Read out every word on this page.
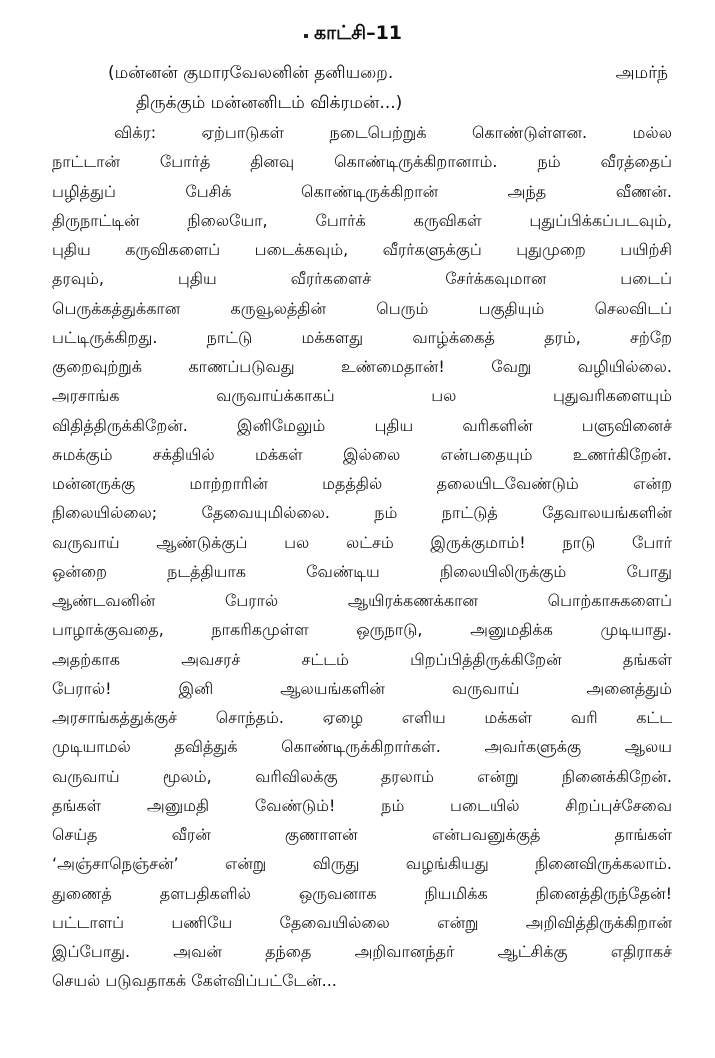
காட்சி–11
(மன்னன் குமாரவேலனின் தனியறை.	அமர்ந்
திருக்கும் மன்னனிடம் விக்ரமன்...)
விக்ர: ஏற்பாடுகள் நடைபெற்றுக் கொண்டுள்ளன. மல்ல
நாட்டான் போர்த் தினவு கொண்டிருக்கிறானாம். நம் வீரத்தைப்
பழித்துப் பேசிக் கொண்டிருக்கிறான் அந்த வீணன்.
திருநாட்டின் நிலையோ, போர்க் கருவிகள் புதுப்பிக்கப்படவும்,
புதிய கருவிகளைப் படைக்கவும், வீரர்களுக்குப் புதுமுறை பயிற்சி
தரவும், புதிய வீரர்களைச் சேர்க்கவுமான படைப்
பெருக்கத்துக்கான கருவூலத்தின் பெரும் பகுதியும் செலவிடப்
பட்டிருக்கிறது. நாட்டு மக்களது வாழ்க்கைத் தரம், சற்றே
குறைவுற்றுக் காணப்படுவது உண்மைதான்! வேறு வழியில்லை.
அரசாங்க வருவாய்க்காகப் பல புதுவரிகளையும்
விதித்திருக்கிறேன். இனிமேலும் புதிய வரிகளின் பளுவினைச்
சுமக்கும் சக்தியில் மக்கள் இல்லை என்பதையும் உணர்கிறேன்.
மன்னருக்கு மாற்றாரின் மதத்தில் தலையிடவேண்டும் என்ற
நிலையில்லை; தேவையுமில்லை. நம் நாட்டுத் தேவாலயங்களின்
வருவாய் ஆண்டுக்குப் பல லட்சம் இருக்குமாம்! நாடு போர்
ஒன்றை நடத்தியாக வேண்டிய நிலையிலிருக்கும் போது
ஆண்டவனின் பேரால் ஆயிரக்கணக்கான பொற்காசுகளைப்
பாழாக்குவதை, நாகரிகமுள்ள ஒருநாடு, அனுமதிக்க முடியாது.
அதற்காக அவசரச் சட்டம் பிறப்பித்திருக்கிறேன் தங்கள்
பேரால்! இனி ஆலயங்களின் வருவாய் அனைத்தும்
அரசாங்கத்துக்குச் சொந்தம். ஏழை எளிய மக்கள் வரி கட்ட
முடியாமல் தவித்துக் கொண்டிருக்கிறார்கள். அவர்களுக்கு ஆலய
வருவாய் மூலம், வரிவிலக்கு தரலாம் என்று நினைக்கிறேன்.
தங்கள் அனுமதி வேண்டும்! நம் படையில் சிறப்புச்சேவை
செய்த வீரன் குணாளன் என்பவனுக்குத் தாங்கள்
‘அஞ்சாநெஞ்சன்’ என்று விருது வழங்கியது நினைவிருக்கலாம்.
துணைத் தளபதிகளில் ஒருவனாக நியமிக்க நினைத்திருந்தேன்!
பட்டாளப் பணியே தேவையில்லை என்று அறிவித்திருக்கிறான்
இப்போது. அவன் தந்தை அறிவானந்தர் ஆட்சிக்கு எதிராகச்
செயல் படுவதாகக் கேள்விப்பட்டேன்...
